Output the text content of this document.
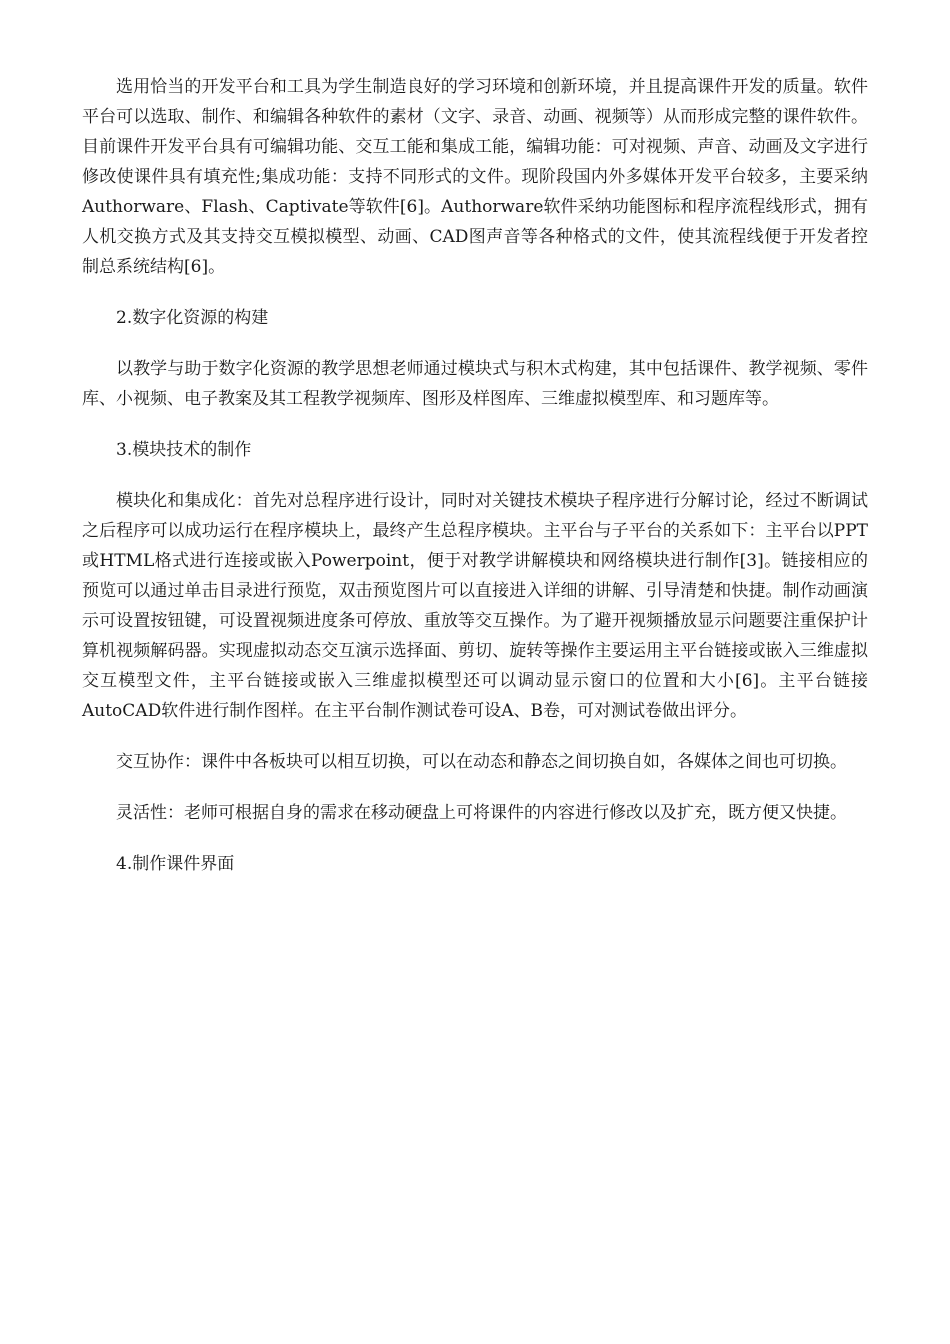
选用恰当的开发平台和工具为学生制造良好的学习环境和创新环境，并且提高课件开发的质量。软件平台可以选取、制作、和编辑各种软件的素材（文字、录音、动画、视频等）从而形成完整的课件软件。目前课件开发平台具有可编辑功能、交互工能和集成工能，编辑功能：可对视频、声音、动画及文字进行修改使课件具有填充性;集成功能：支持不同形式的文件。现阶段国内外多媒体开发平台较多，主要采纳Authorware、Flash、Captivate等软件[6]。Authorware软件采纳功能图标和程序流程线形式，拥有人机交换方式及其支持交互模拟模型、动画、CAD图声音等各种格式的文件，使其流程线便于开发者控制总系统结构[6]。

2.数字化资源的构建

以教学与助于数字化资源的教学思想老师通过模块式与积木式构建，其中包括课件、教学视频、零件库、小视频、电子教案及其工程教学视频库、图形及样图库、三维虚拟模型库、和习题库等。

3.模块技术的制作

模块化和集成化：首先对总程序进行设计，同时对关键技术模块子程序进行分解讨论，经过不断调试之后程序可以成功运行在程序模块上，最终产生总程序模块。主平台与子平台的关系如下：主平台以PPT或HTML格式进行连接或嵌入Powerpoint，便于对教学讲解模块和网络模块进行制作[3]。链接相应的预览可以通过单击目录进行预览，双击预览图片可以直接进入详细的讲解、引导清楚和快捷。制作动画演示可设置按钮键，可设置视频进度条可停放、重放等交互操作。为了避开视频播放显示问题要注重保护计算机视频解码器。实现虚拟动态交互演示选择面、剪切、旋转等操作主要运用主平台链接或嵌入三维虚拟交互模型文件，主平台链接或嵌入三维虚拟模型还可以调动显示窗口的位置和大小[6]。主平台链接AutoCAD软件进行制作图样。在主平台制作测试卷可设A、B卷，可对测试卷做出评分。

交互协作：课件中各板块可以相互切换，可以在动态和静态之间切换自如，各媒体之间也可切换。

灵活性：老师可根据自身的需求在移动硬盘上可将课件的内容进行修改以及扩充，既方便又快捷。

4.制作课件界面
